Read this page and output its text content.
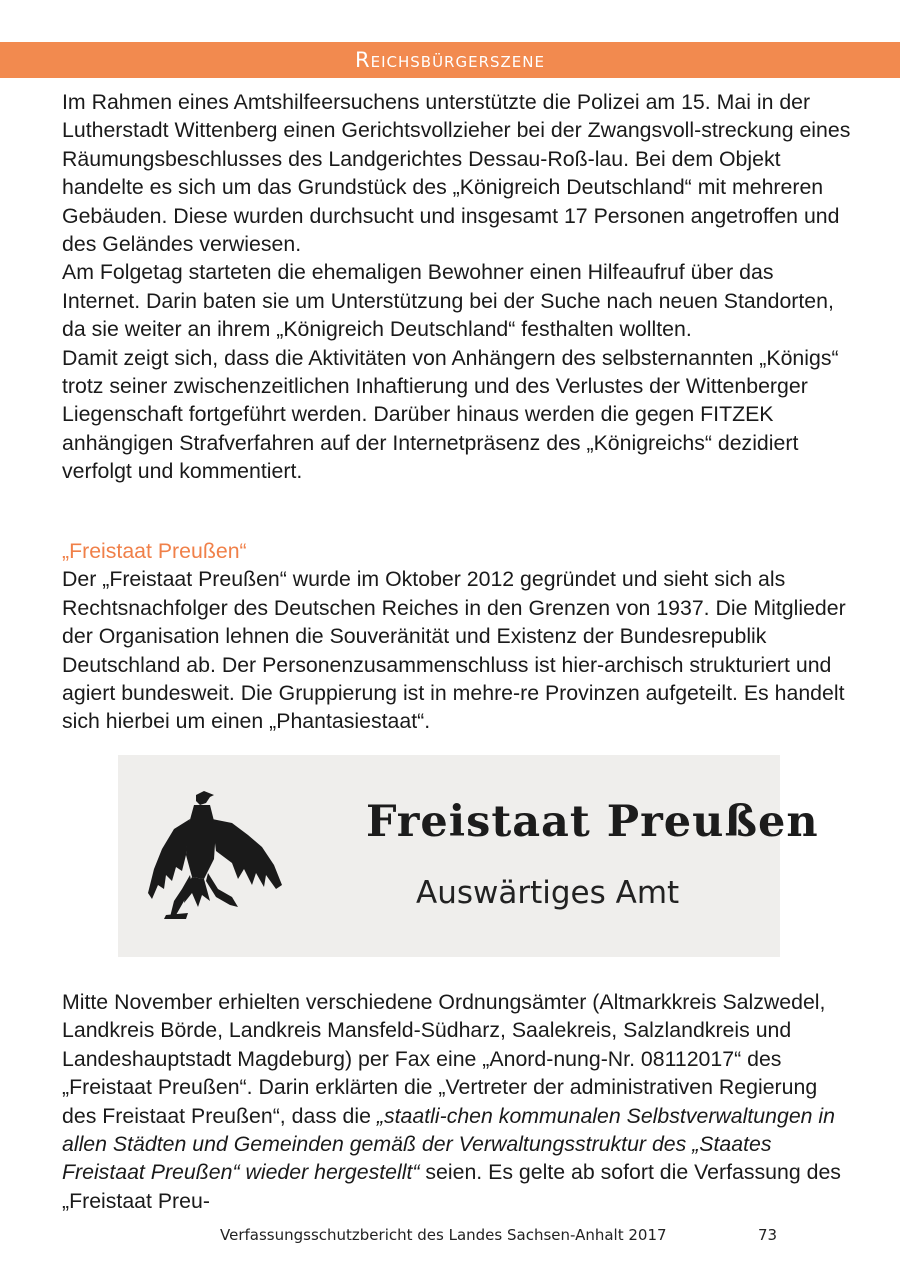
Reichsbürgerszene

Im Rahmen eines Amtshilfeersuchens unterstützte die Polizei am 15. Mai in der Lutherstadt Wittenberg einen Gerichtsvollzieher bei der Zwangsvoll-streckung eines Räumungsbeschlusses des Landgerichtes Dessau-Roß-lau. Bei dem Objekt handelte es sich um das Grundstück des „Königreich Deutschland“ mit mehreren Gebäuden. Diese wurden durchsucht und insgesamt 17 Personen angetroffen und des Geländes verwiesen.

Am Folgetag starteten die ehemaligen Bewohner einen Hilfeaufruf über das Internet. Darin baten sie um Unterstützung bei der Suche nach neuen Standorten, da sie weiter an ihrem „Königreich Deutschland“ festhalten wollten.

Damit zeigt sich, dass die Aktivitäten von Anhängern des selbsternannten „Königs“ trotz seiner zwischenzeitlichen Inhaftierung und des Verlustes der Wittenberger Liegenschaft fortgeführt werden. Darüber hinaus werden die gegen FITZEK anhängigen Strafverfahren auf der Internetpräsenz des „Königreichs“ dezidiert verfolgt und kommentiert.

„Freistaat Preußen“

Der „Freistaat Preußen“ wurde im Oktober 2012 gegründet und sieht sich als Rechtsnachfolger des Deutschen Reiches in den Grenzen von 1937. Die Mitglieder der Organisation lehnen die Souveränität und Existenz der Bundesrepublik Deutschland ab. Der Personenzusammenschluss ist hier-archisch strukturiert und agiert bundesweit. Die Gruppierung ist in mehre-re Provinzen aufgeteilt. Es handelt sich hierbei um einen „Phantasiestaat“.

Freistaat Preußen
Auswärtiges Amt

Mitte November erhielten verschiedene Ordnungsämter (Altmarkkreis Salzwedel, Landkreis Börde, Landkreis Mansfeld-Südharz, Saalekreis, Salzlandkreis und Landeshauptstadt Magdeburg) per Fax eine „Anord-nung-Nr. 08112017“ des „Freistaat Preußen“. Darin erklärten die „Vertreter der administrativen Regierung des Freistaat Preußen“, dass die „staatli-chen kommunalen Selbstverwaltungen in allen Städten und Gemeinden gemäß der Verwaltungsstruktur des „Staates Freistaat Preußen“ wieder hergestellt“ seien. Es gelte ab sofort die Verfassung des „Freistaat Preu-

Verfassungsschutzbericht des Landes Sachsen-Anhalt 2017	73
